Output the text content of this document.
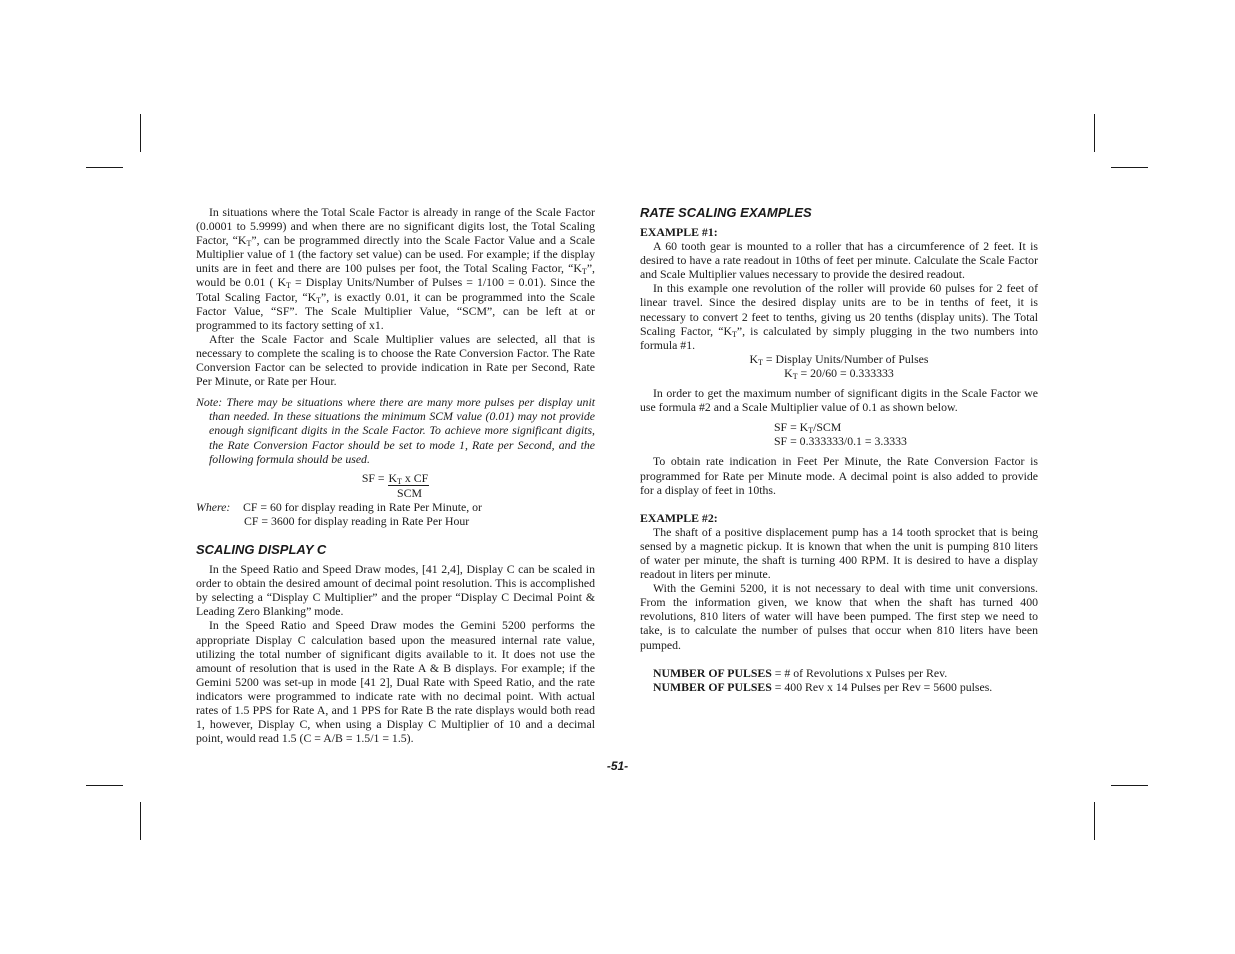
In situations where the Total Scale Factor is already in range of the Scale Factor (0.0001 to 5.9999) and when there are no significant digits lost, the Total Scaling Factor, “$K_T$”, can be programmed directly into the Scale Factor Value and a Scale Multiplier value of 1 (the factory set value) can be used. For example; if the display units are in feet and there are 100 pulses per foot, the Total Scaling Factor, “$K_T$”, would be 0.01 ( $K_T$ = Display Units/Number of Pulses = 1/100 = 0.01). Since the Total Scaling Factor, “$K_T$”, is exactly 0.01, it can be programmed into the Scale Factor Value, “SF”. The Scale Multiplier Value, “SCM”, can be left at or programmed to its factory setting of x1.

After the Scale Factor and Scale Multiplier values are selected, all that is necessary to complete the scaling is to choose the Rate Conversion Factor. The Rate Conversion Factor can be selected to provide indication in Rate per Second, Rate Per Minute, or Rate per Hour.

Note: There may be situations where there are many more pulses per display unit than needed. In these situations the minimum SCM value (0.01) may not provide enough significant digits in the Scale Factor. To achieve more significant digits, the Rate Conversion Factor should be set to mode 1, Rate per Second, and the following formula should be used.

SF = $K_T$ x CF
SCM
Where:	CF = 60 for display reading in Rate Per Minute, or
CF = 3600 for display reading in Rate Per Hour

SCALING DISPLAY C

In the Speed Ratio and Speed Draw modes, [41 2,4], Display C can be scaled in order to obtain the desired amount of decimal point resolution. This is accomplished by selecting a “Display C Multiplier” and the proper “Display C Decimal Point & Leading Zero Blanking” mode.

In the Speed Ratio and Speed Draw modes the Gemini 5200 performs the appropriate Display C calculation based upon the measured internal rate value, utilizing the total number of significant digits available to it. It does not use the amount of resolution that is used in the Rate A & B displays. For example; if the Gemini 5200 was set-up in mode [41 2], Dual Rate with Speed Ratio, and the rate indicators were programmed to indicate rate with no decimal point. With actual rates of 1.5 PPS for Rate A, and 1 PPS for Rate B the rate displays would both read 1, however, Display C, when using a Display C Multiplier of 10 and a decimal point, would read 1.5 (C = A/B = 1.5/1 = 1.5).

RATE SCALING EXAMPLES

EXAMPLE #1:

A 60 tooth gear is mounted to a roller that has a circumference of 2 feet. It is desired to have a rate readout in 10ths of feet per minute. Calculate the Scale Factor and Scale Multiplier values necessary to provide the desired readout.

In this example one revolution of the roller will provide 60 pulses for 2 feet of linear travel. Since the desired display units are to be in tenths of feet, it is necessary to convert 2 feet to tenths, giving us 20 tenths (display units). The Total Scaling Factor, “$K_T$”, is calculated by simply plugging in the two numbers into formula #1.

$K_T$ = Display Units/Number of Pulses
$K_T = 20/60 = 0.333333$

In order to get the maximum number of significant digits in the Scale Factor we use formula #2 and a Scale Multiplier value of 0.1 as shown below.

SF = $K_T$/SCM
SF = 0.333333/0.1 = 3.3333

To obtain rate indication in Feet Per Minute, the Rate Conversion Factor is programmed for Rate per Minute mode. A decimal point is also added to provide for a display of feet in 10ths.

EXAMPLE #2:

The shaft of a positive displacement pump has a 14 tooth sprocket that is being sensed by a magnetic pickup. It is known that when the unit is pumping 810 liters of water per minute, the shaft is turning 400 RPM. It is desired to have a display readout in liters per minute.

With the Gemini 5200, it is not necessary to deal with time unit conversions. From the information given, we know that when the shaft has turned 400 revolutions, 810 liters of water will have been pumped. The first step we need to take, is to calculate the number of pulses that occur when 810 liters have been pumped.

NUMBER OF PULSES = # of Revolutions x Pulses per Rev.
NUMBER OF PULSES = 400 Rev x 14 Pulses per Rev = 5600 pulses.
-51-
